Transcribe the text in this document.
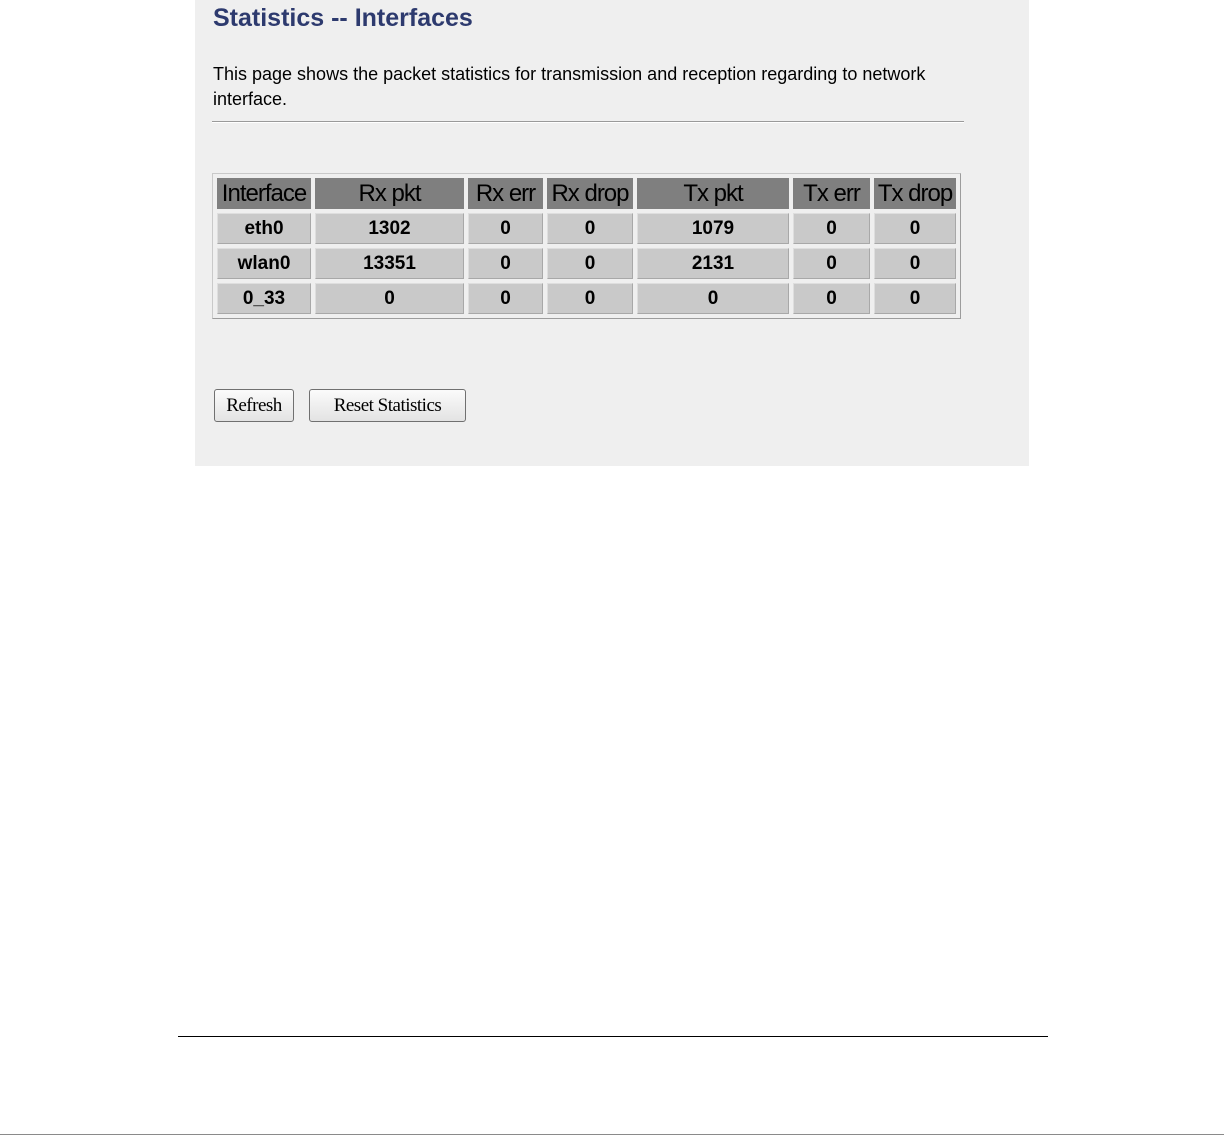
Statistics -- Interfaces

This page shows the packet statistics for transmission and reception regarding to network interface.

Interface	Rx pkt	Rx err	Rx drop	Tx pkt	Tx err	Tx drop
eth0	1302	0	0	1079	0	0
wlan0	13351	0	0	2131	0	0
0_33	0	0	0	0	0	0
Refresh	Reset Statistics
